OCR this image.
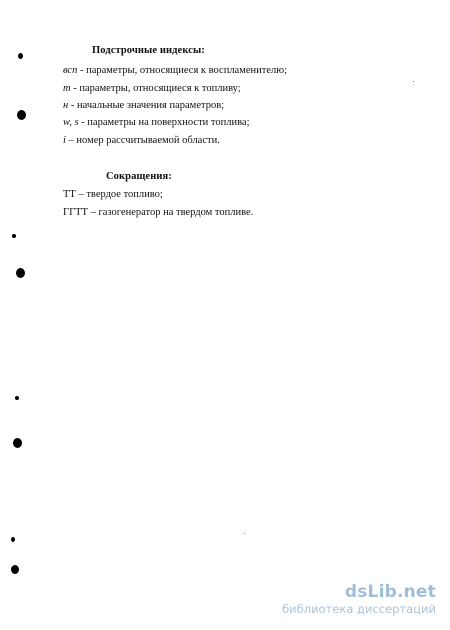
Подстрочные индексы:
всп - параметры, относящиеся к воспламенителю;
т - параметры, относящиеся к топливу;
н - начальные значения параметров;
w, s - параметры на поверхности топлива;
i – номер рассчитываемой области.
Сокращения:
ТТ – твердое топливо;
ГГТТ – газогенератор на твердом топливе.
dsLib.net
библиотека диссертаций
